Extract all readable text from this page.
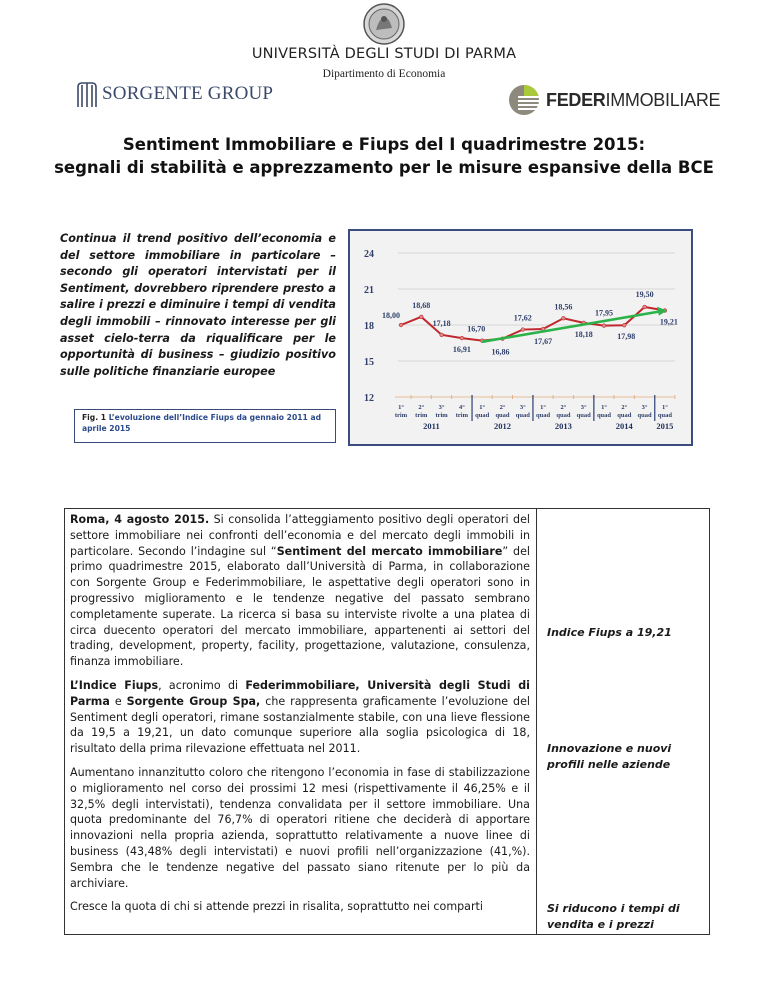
UNIVERSITÀ DEGLI STUDI DI PARMA
Dipartimento di Economia
SORGENTE GROUP	FEDERIMMOBILIARE
Sentiment Immobiliare e Fiups del I quadrimestre 2015:
segnali di stabilità e apprezzamento per le misure espansive della BCE
Continua il trend positivo dell’economia e del settore immobiliare in particolare – secondo gli operatori intervistati per il Sentiment, dovrebbero riprendere presto a salire i prezzi e diminuire i tempi di vendita degli immobili – rinnovato interesse per gli asset cielo-terra da riqualificare per le opportunità di business – giudizio positivo sulle politiche finanziarie europee
Fig. 1 L’evoluzione dell’Indice Fiups da gennaio 2011 ad aprile 2015
12
15
18
21
24
1°
trim
2°
trim
3°
trim
4°
trim
1°
quad
2°
quad
3°
quad
1°
quad
2°
quad
3°
quad
1°
quad
2°
quad
3°
quad
1°
quad
2011	2012	2013	2014	2015
18,00
18,68
17,18
16,91
16,70
16,86
17,62
17,67
18,56
18,18
17,95
17,98
19,50
19,21

Roma, 4 agosto 2015. Si consolida l’atteggiamento positivo degli operatori del settore immobiliare nei confronti dell’economia e del mercato degli immobili in particolare. Secondo l’indagine sul “Sentiment del mercato immobiliare” del primo quadrimestre 2015, elaborato dall’Università di Parma, in collaborazione con Sorgente Group e Federimmobiliare, le aspettative degli operatori sono in progressivo miglioramento e le tendenze negative del passato sembrano completamente superate. La ricerca si basa su interviste rivolte a una platea di circa duecento operatori del mercato immobiliare, appartenenti ai settori del trading, development, property, facility, progettazione, valutazione, consulenza, finanza immobiliare.

L’Indice Fiups, acronimo di Federimmobiliare, Università degli Studi di Parma e Sorgente Group Spa, che rappresenta graficamente l’evoluzione del Sentiment degli operatori, rimane sostanzialmente stabile, con una lieve flessione da 19,5 a 19,21, un dato comunque superiore alla soglia psicologica di 18, risultato della prima rilevazione effettuata nel 2011.

Aumentano innanzitutto coloro che ritengono l’economia in fase di stabilizzazione o miglioramento nel corso dei prossimi 12 mesi (rispettivamente il 46,25% e il 32,5% degli intervistati), tendenza convalidata per il settore immobiliare. Una quota predominante del 76,7% di operatori ritiene che deciderà di apportare innovazioni nella propria azienda, soprattutto relativamente a nuove linee di business (43,48% degli intervistati) e nuovi profili nell’organizzazione (41,%). Sembra che le tendenze negative del passato siano ritenute per lo più da archiviare.

Cresce la quota di chi si attende prezzi in risalita, soprattutto nei comparti

Indice Fiups a 19,21
Innovazione e nuovi profili nelle aziende
Si riducono i tempi di vendita e i prezzi
